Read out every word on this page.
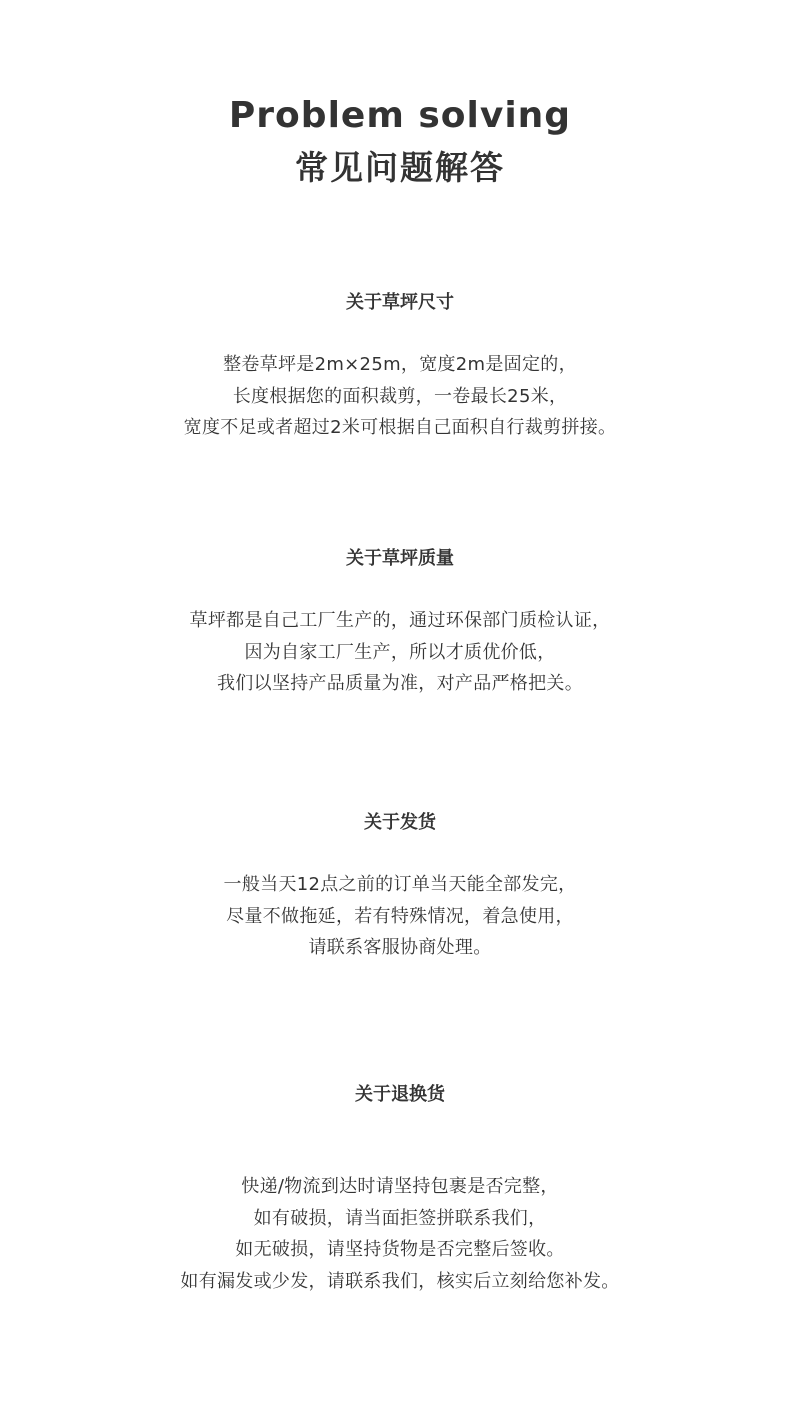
Problem solving
常见问题解答
关于草坪尺寸

整卷草坪是2m×25m，宽度2m是固定的，
长度根据您的面积裁剪，一卷最长25米，
宽度不足或者超过2米可根据自己面积自行裁剪拼接。

关于草坪质量

草坪都是自己工厂生产的，通过环保部门质检认证，
因为自家工厂生产，所以才质优价低，
我们以坚持产品质量为准，对产品严格把关。

关于发货

一般当天12点之前的订单当天能全部发完，
尽量不做拖延，若有特殊情况，着急使用，
请联系客服协商处理。

关于退换货

快递/物流到达时请坚持包裹是否完整，
如有破损，请当面拒签拼联系我们，
如无破损，请坚持货物是否完整后签收。
如有漏发或少发，请联系我们，核实后立刻给您补发。
